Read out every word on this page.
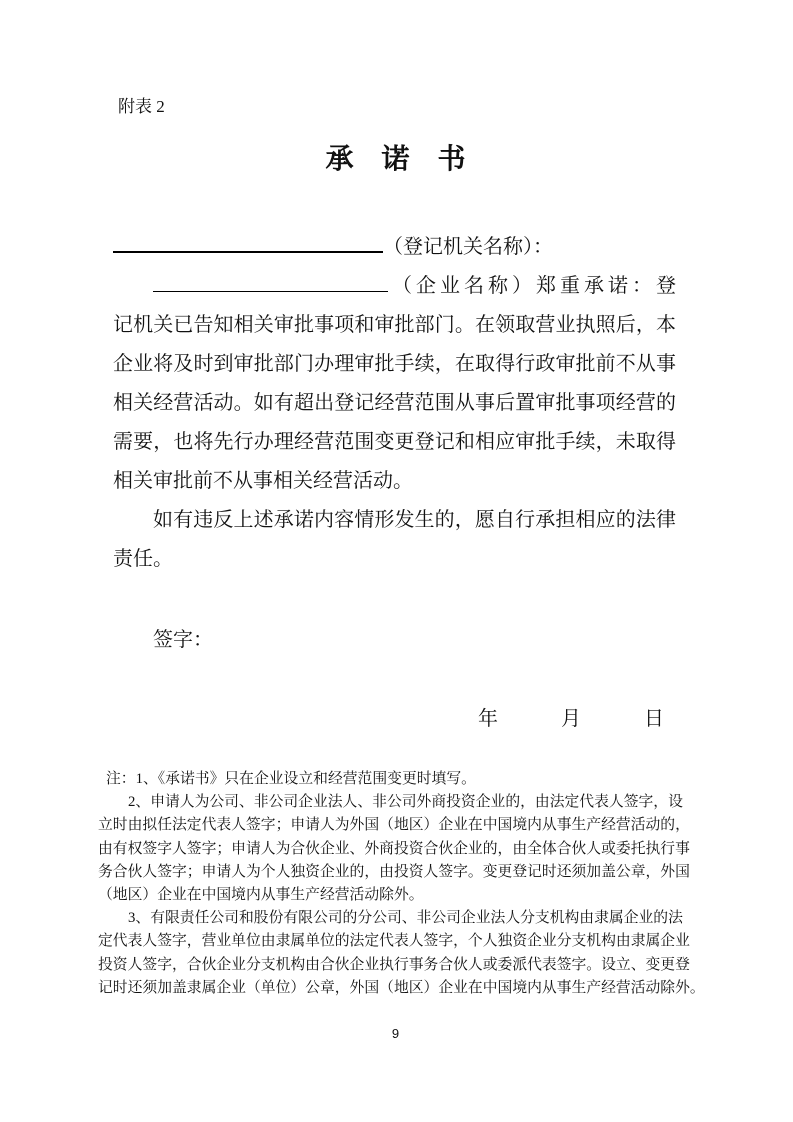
附表 2
承　诺　书

（登记机关名称）：

（企业名称）郑重承诺：登

记机关已告知相关审批事项和审批部门。在领取营业执照后，本企业将及时到审批部门办理审批手续，在取得行政审批前不从事相关经营活动。如有超出登记经营范围从事后置审批事项经营的需要，也将先行办理经营范围变更登记和相应审批手续，未取得相关审批前不从事相关经营活动。

如有违反上述承诺内容情形发生的，愿自行承担相应的法律责任。

签字：

年	月	日
注：1、《承诺书》只在企业设立和经营范围变更时填写。
2、申请人为公司、非公司企业法人、非公司外商投资企业的，由法定代表人签字，设
立时由拟任法定代表人签字；申请人为外国（地区）企业在中国境内从事生产经营活动的，
由有权签字人签字；申请人为合伙企业、外商投资合伙企业的，由全体合伙人或委托执行事
务合伙人签字；申请人为个人独资企业的，由投资人签字。变更登记时还须加盖公章，外国
（地区）企业在中国境内从事生产经营活动除外。
3、有限责任公司和股份有限公司的分公司、非公司企业法人分支机构由隶属企业的法
定代表人签字，营业单位由隶属单位的法定代表人签字，个人独资企业分支机构由隶属企业
投资人签字，合伙企业分支机构由合伙企业执行事务合伙人或委派代表签字。设立、变更登
记时还须加盖隶属企业（单位）公章，外国（地区）企业在中国境内从事生产经营活动除外。
9
